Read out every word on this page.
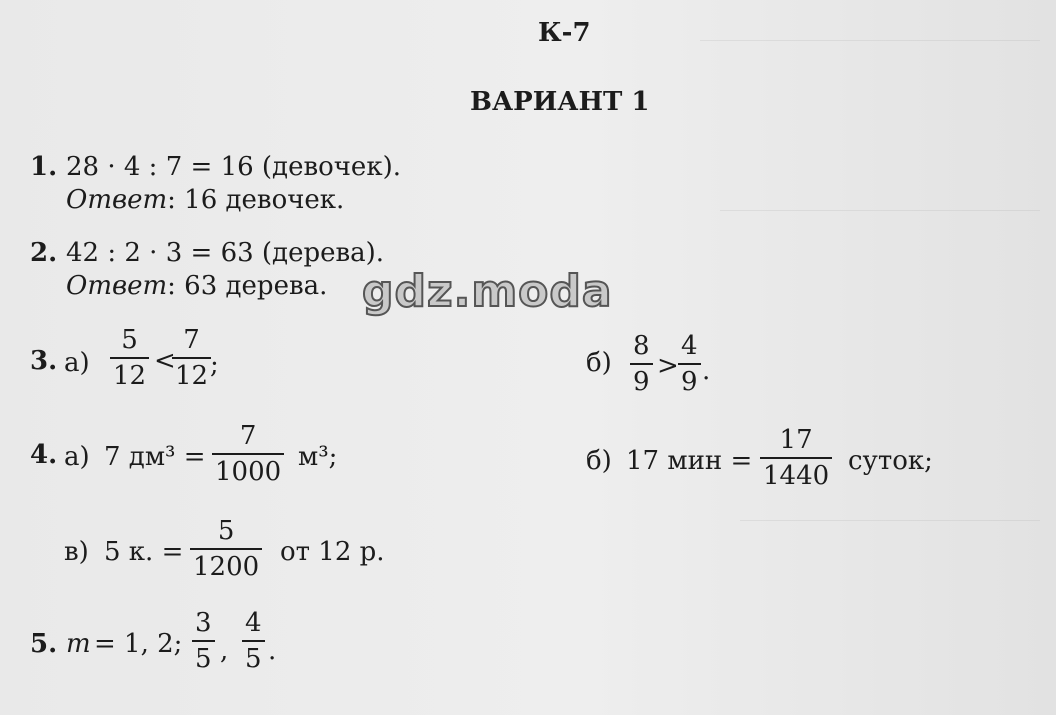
К-7
ВАРИАНТ 1
1. 28 · 4 : 7 = 16 (девочек).
Ответ: 16 девочек.
2. 42 : 2 · 3 = 63 (дерева).
Ответ: 63 дерева.
3. $а) \frac{5}{12}$ <
$\frac{7}{12}$
;	$б) \frac{8}{9} > \frac{4}{9}$ .
4. а) 7 $дм^3 = \frac{7}{1000} м^3$;	б) 17 мин = $\frac{17}{1440}$ суток;
в) 5 к. = $\frac{5}{1200}$ от 12 р.
5. m = 1, 2; $\frac{3}{5}$ , $\frac{4}{5}$ .
gdz.moda
